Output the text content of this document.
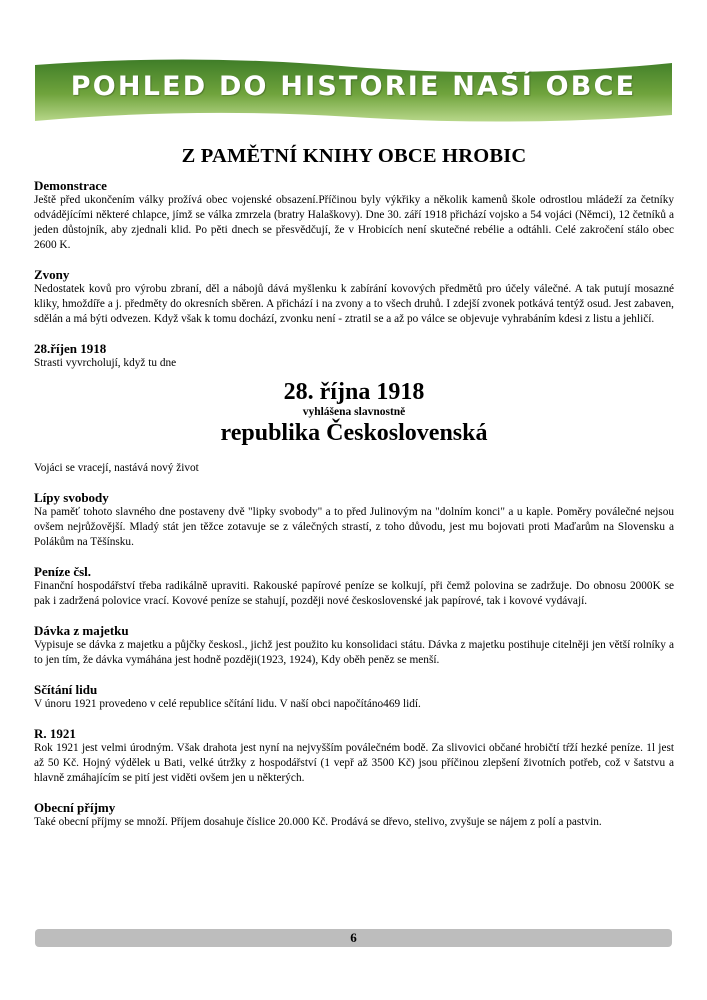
POHLED DO HISTORIE NAŠÍ OBCE
Z PAMĚTNÍ KNIHY OBCE HROBIC
Demonstrace

Ještě před ukončením války prožívá obec vojenské obsazení.Příčinou byly výkřiky a několik kamenů škole odrostlou mládeží za četníky odvádějícími některé chlapce, jímž se válka zmrzela (bratry Halaškovy). Dne 30. září 1918 přichází vojsko a 54 vojáci (Němci), 12 četníků a jeden důstojník, aby zjednali klid. Po pěti dnech se přesvědčují, že v Hrobicích není skutečné rebélie a odtáhli. Celé zakročení stálo obec 2600 K.

Zvony

Nedostatek kovů pro výrobu zbraní, děl a nábojů dává myšlenku k zabírání kovových předmětů pro účely válečné. A tak putují mosazné kliky, hmoždíře a j. předměty do okresních sběren. A přichází i na zvony a to všech druhů. I zdejší zvonek potkává tentýž osud. Jest zabaven, sdělán a má býti odvezen. Když však k tomu dochází, zvonku není - ztratil se a až po válce se objevuje vyhrabáním kdesi z listu a jehličí.

28.říjen 1918

Strasti vyvrcholují, když tu dne

28. října 1918
vyhlášena slavnostně
republika Československá

Vojáci se vracejí, nastává nový život

Lípy svobody

Na paměť tohoto slavného dne postaveny dvě "lipky svobody" a to před Julinovým na "dolním konci" a u kaple. Poměry poválečné nejsou ovšem nejrůžovější. Mladý stát jen těžce zotavuje se z válečných strastí, z toho důvodu, jest mu bojovati proti Maďarům na Slovensku a Polákům na Těšínsku.

Peníze čsl.

Finanční hospodářství třeba radikálně upraviti. Rakouské papírové peníze se kolkují, při čemž polovina se zadržuje. Do obnosu 2000K se pak i zadržená polovice vrací. Kovové peníze se stahují, později nové československé jak papírové, tak i kovové vydávají.

Dávka z majetku

Vypisuje se dávka z majetku a půjčky českosl., jichž jest použito ku konsolidaci státu. Dávka z majetku postihuje citelněji jen větší rolníky a to jen tím, že dávka vymáhána jest hodně později(1923, 1924), Kdy oběh peněz se menší.

Sčítání lidu

V únoru 1921 provedeno v celé republice sčítání lidu. V naší obci napočítáno469 lidí.

R. 1921

Rok 1921 jest velmi úrodným. Však drahota jest nyní na nejvyšším poválečném bodě. Za slivovici občané hrobičtí tŕží hezké peníze. 1l jest až 50 Kč. Hojný výdělek u Bati, velké útržky z hospodářství (1 vepř až 3500 Kč) jsou příčinou zlepšení životních potřeb, což v šatstvu a hlavně zmáhajícím se pití jest viděti ovšem jen u některých.

Obecní příjmy

Také obecní příjmy se množí. Příjem dosahuje číslice 20.000 Kč. Prodává se dřevo, stelivo, zvyšuje se nájem z polí a pastvin.

6
